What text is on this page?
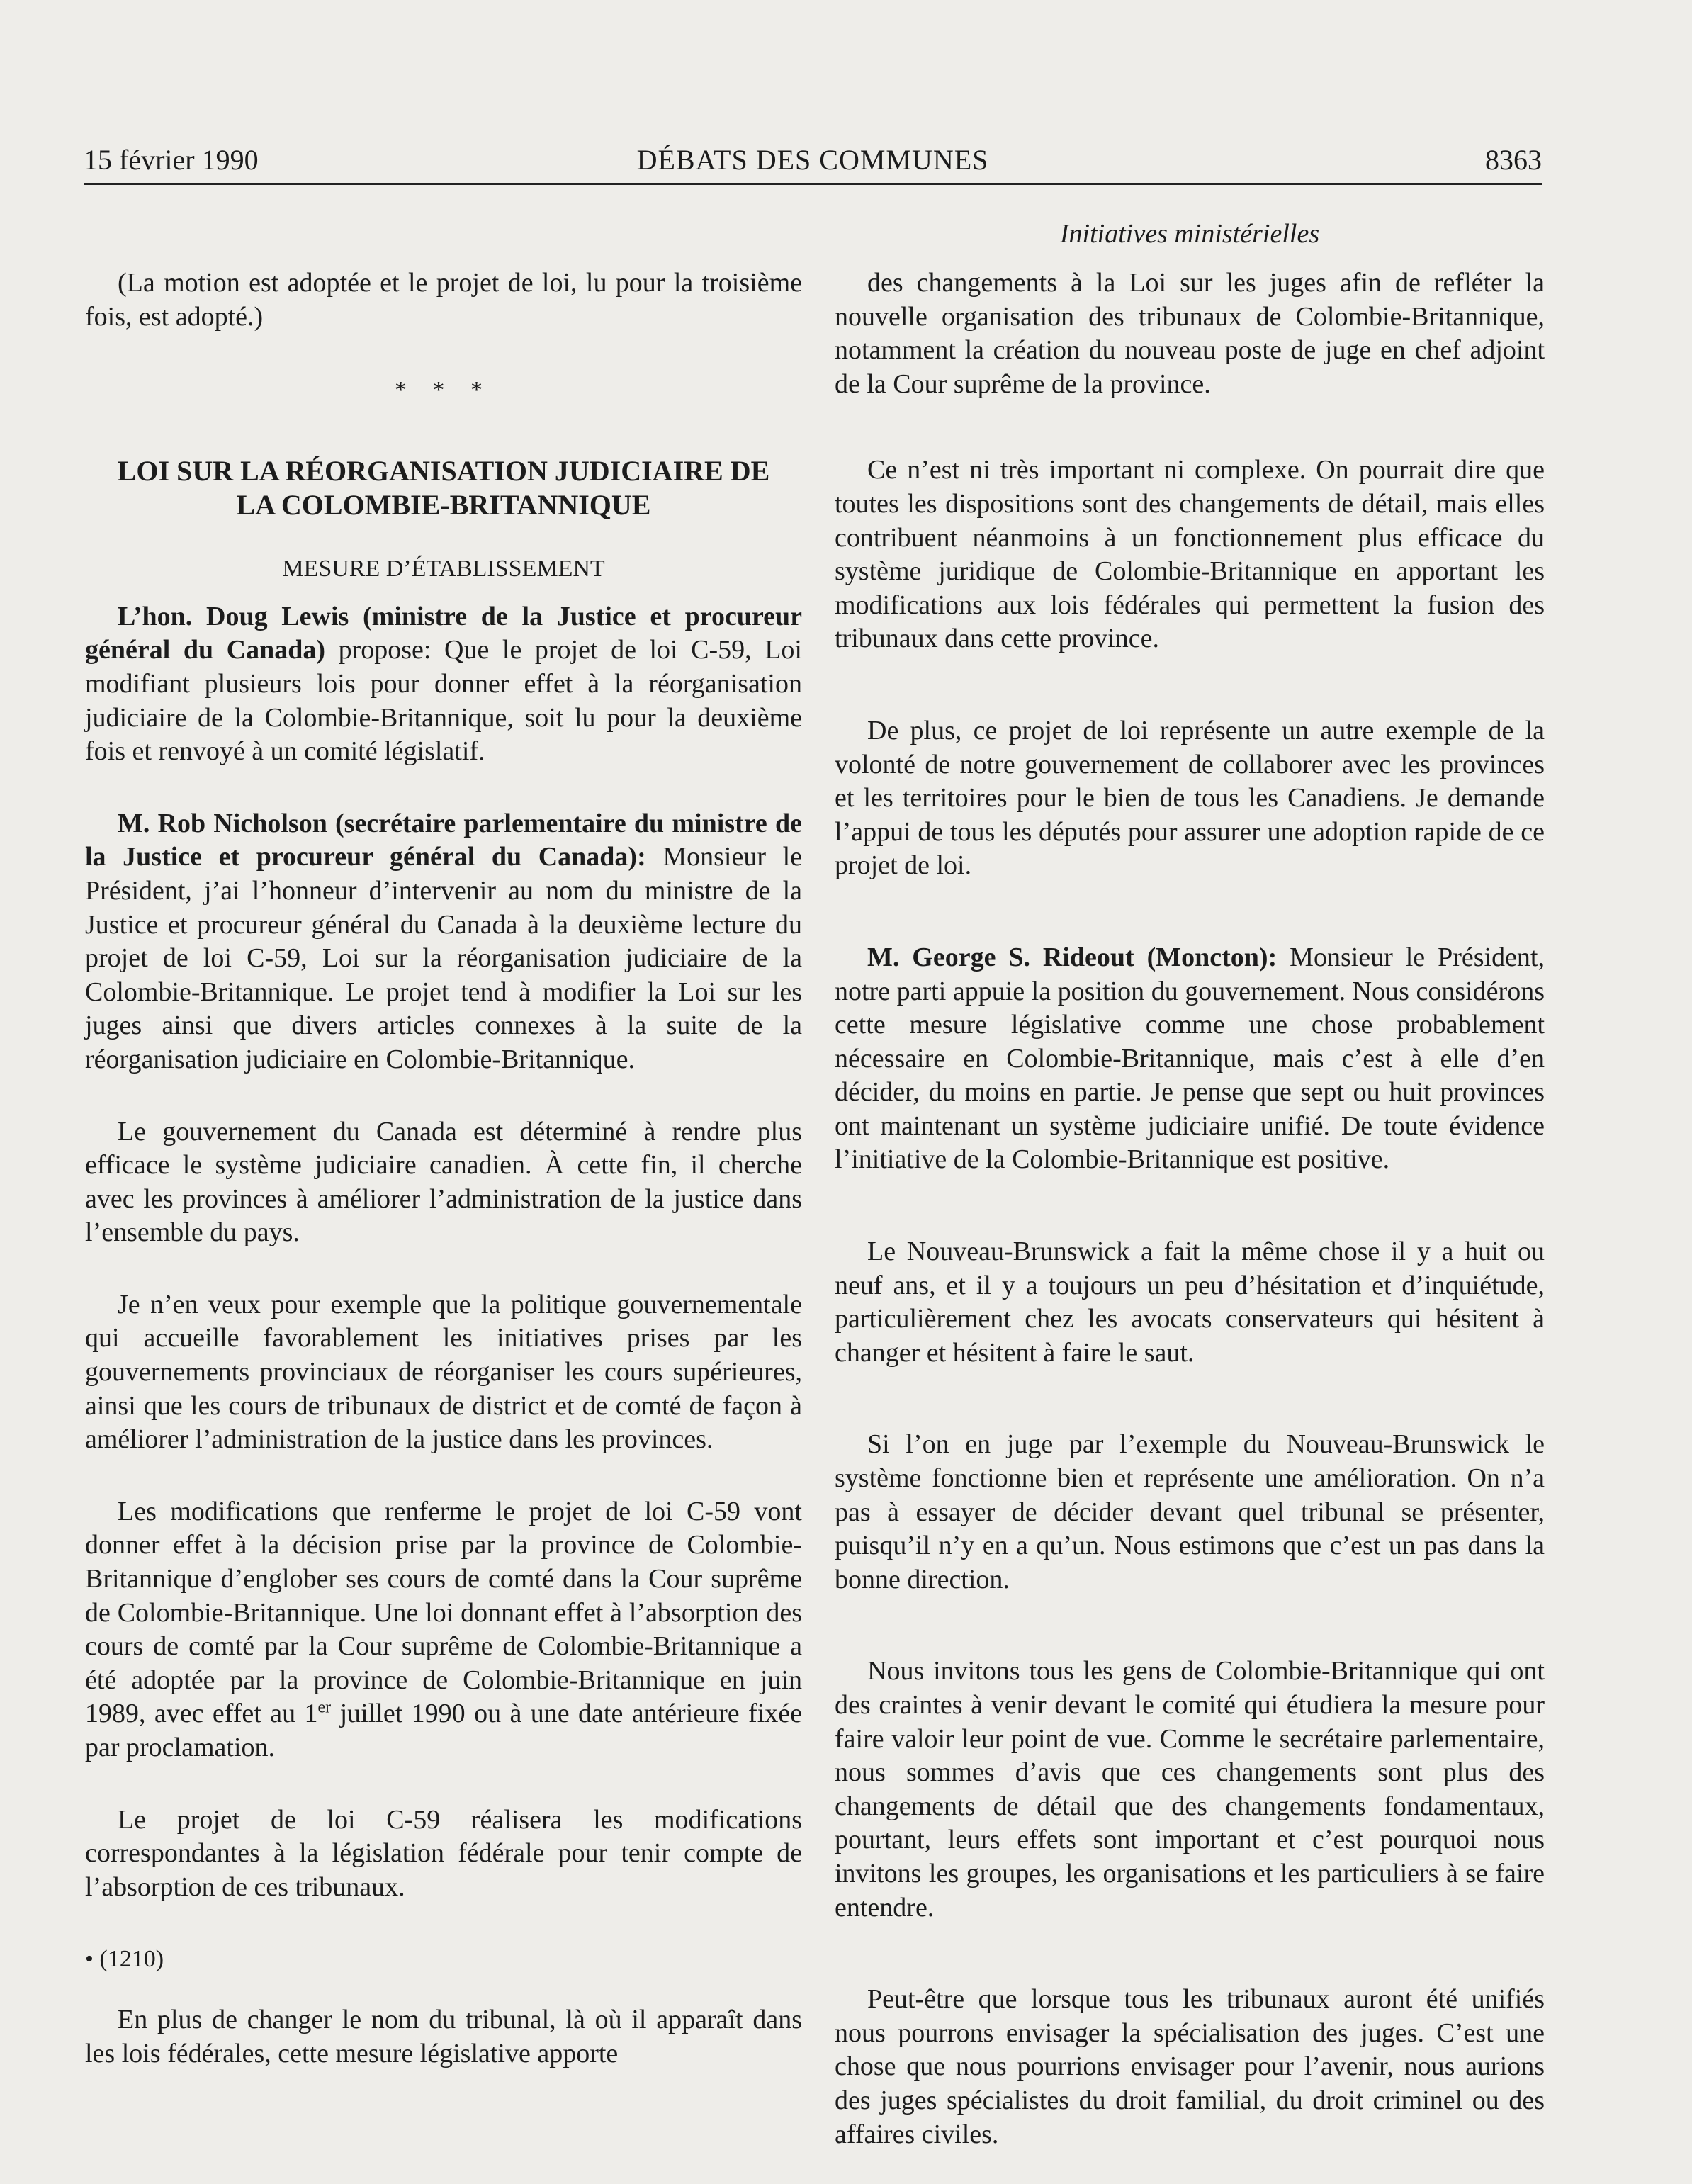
15 février 1990	DÉBATS DES COMMUNES	8363
Initiatives ministérielles

(La motion est adoptée et le projet de loi, lu pour la troisième fois, est adopté.)

* * *
LOI SUR LA RÉORGANISATION JUDICIAIRE DE
LA COLOMBIE-BRITANNIQUE
MESURE D’ÉTABLISSEMENT

L’hon. Doug Lewis (ministre de la Justice et procureur général du Canada) propose: Que le projet de loi C-59, Loi modifiant plusieurs lois pour donner effet à la réorganisation judiciaire de la Colombie-Britannique, soit lu pour la deuxième fois et renvoyé à un comité législatif.

M. Rob Nicholson (secrétaire parlementaire du ministre de la Justice et procureur général du Canada): Monsieur le Président, j’ai l’honneur d’intervenir au nom du ministre de la Justice et procureur général du Canada à la deuxième lecture du projet de loi C-59, Loi sur la réorganisation judiciaire de la Colombie-Britannique. Le projet tend à modifier la Loi sur les juges ainsi que divers articles connexes à la suite de la réorganisation judiciaire en Colombie-Britannique.

Le gouvernement du Canada est déterminé à rendre plus efficace le système judiciaire canadien. À cette fin, il cherche avec les provinces à améliorer l’administration de la justice dans l’ensemble du pays.

Je n’en veux pour exemple que la politique gouvernementale qui accueille favorablement les initiatives prises par les gouvernements provinciaux de réorganiser les cours supérieures, ainsi que les cours de tribunaux de district et de comté de façon à améliorer l’administration de la justice dans les provinces.

Les modifications que renferme le projet de loi C-59 vont donner effet à la décision prise par la province de Colombie-Britannique d’englober ses cours de comté dans la Cour suprême de Colombie-Britannique. Une loi donnant effet à l’absorption des cours de comté par la Cour suprême de Colombie-Britannique a été adoptée par la province de Colombie-Britannique en juin 1989, avec effet au 1er juillet 1990 ou à une date antérieure fixée par proclamation.

Le projet de loi C-59 réalisera les modifications correspondantes à la législation fédérale pour tenir compte de l’absorption de ces tribunaux.

• (1210)

En plus de changer le nom du tribunal, là où il apparaît dans les lois fédérales, cette mesure législative apporte

des changements à la Loi sur les juges afin de refléter la nouvelle organisation des tribunaux de Colombie-Britannique, notamment la création du nouveau poste de juge en chef adjoint de la Cour suprême de la province.

Ce n’est ni très important ni complexe. On pourrait dire que toutes les dispositions sont des changements de détail, mais elles contribuent néanmoins à un fonctionnement plus efficace du système juridique de Colombie-Britannique en apportant les modifications aux lois fédérales qui permettent la fusion des tribunaux dans cette province.

De plus, ce projet de loi représente un autre exemple de la volonté de notre gouvernement de collaborer avec les provinces et les territoires pour le bien de tous les Canadiens. Je demande l’appui de tous les députés pour assurer une adoption rapide de ce projet de loi.

M. George S. Rideout (Moncton): Monsieur le Président, notre parti appuie la position du gouvernement. Nous considérons cette mesure législative comme une chose probablement nécessaire en Colombie-Britannique, mais c’est à elle d’en décider, du moins en partie. Je pense que sept ou huit provinces ont maintenant un système judiciaire unifié. De toute évidence l’initiative de la Colombie-Britannique est positive.

Le Nouveau-Brunswick a fait la même chose il y a huit ou neuf ans, et il y a toujours un peu d’hésitation et d’inquiétude, particulièrement chez les avocats conservateurs qui hésitent à changer et hésitent à faire le saut.

Si l’on en juge par l’exemple du Nouveau-Brunswick le système fonctionne bien et représente une amélioration. On n’a pas à essayer de décider devant quel tribunal se présenter, puisqu’il n’y en a qu’un. Nous estimons que c’est un pas dans la bonne direction.

Nous invitons tous les gens de Colombie-Britannique qui ont des craintes à venir devant le comité qui étudiera la mesure pour faire valoir leur point de vue. Comme le secrétaire parlementaire, nous sommes d’avis que ces changements sont plus des changements de détail que des changements fondamentaux, pourtant, leurs effets sont important et c’est pourquoi nous invitons les groupes, les organisations et les particuliers à se faire entendre.

Peut-être que lorsque tous les tribunaux auront été unifiés nous pourrons envisager la spécialisation des juges. C’est une chose que nous pourrions envisager pour l’avenir, nous aurions des juges spécialistes du droit familial, du droit criminel ou des affaires civiles.
